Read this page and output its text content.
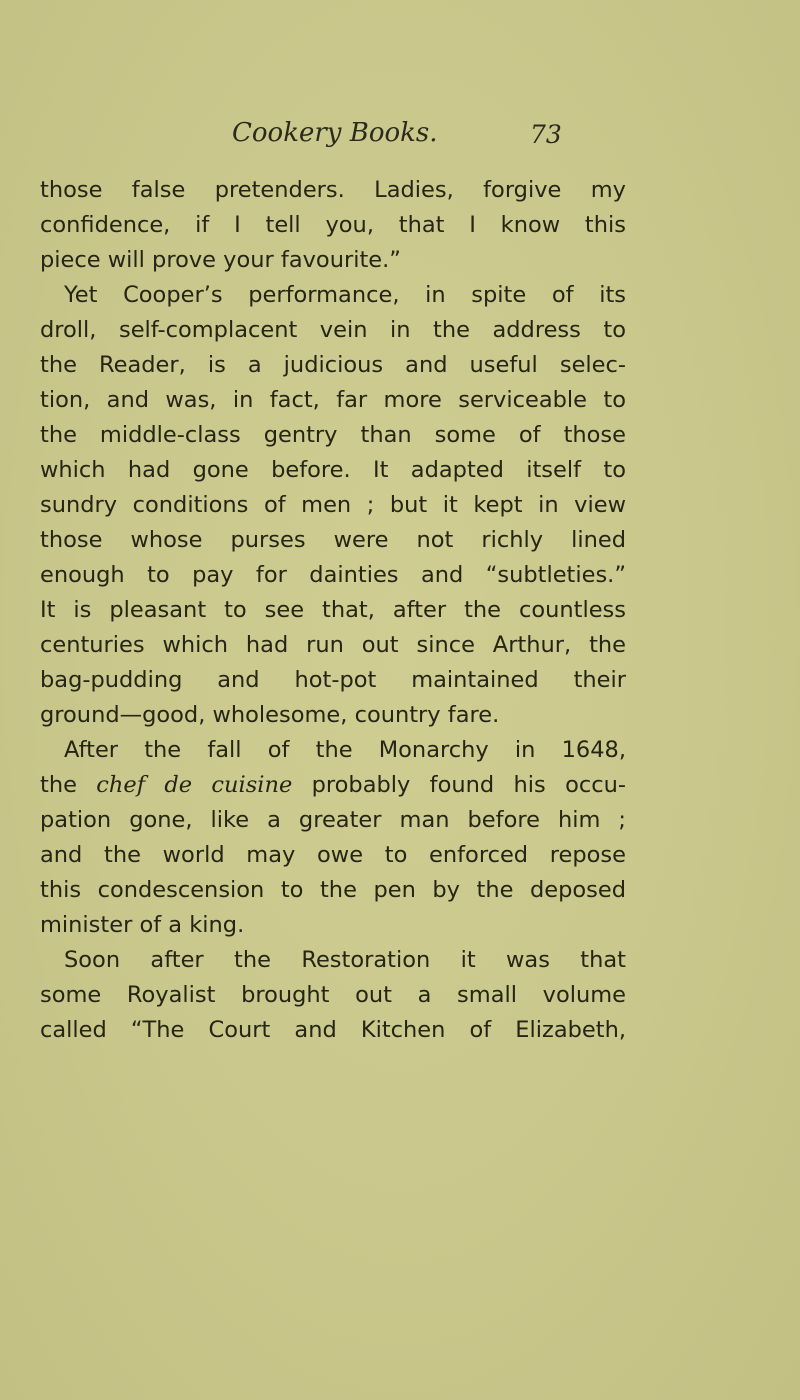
Cookery Books.	73
those false pretenders. Ladies, forgive my
confidence, if I tell you, that I know this
piece will prove your favourite.”
Yet Cooper’s performance, in spite of its
droll, self-complacent vein in the address to
the Reader, is a judicious and useful selec-
tion, and was, in fact, far more serviceable to
the middle-class gentry than some of those
which had gone before. It adapted itself to
sundry conditions of men ; but it kept in view
those whose purses were not richly lined
enough to pay for dainties and “subtleties.”
It is pleasant to see that, after the countless
centuries which had run out since Arthur, the
bag-pudding and hot-pot maintained their
ground—good, wholesome, country fare.
After the fall of the Monarchy in 1648,
the chef de cuisine probably found his occu-
pation gone, like a greater man before him ;
and the world may owe to enforced repose
this condescension to the pen by the deposed
minister of a king.
Soon after the Restoration it was that
some Royalist brought out a small volume
called “The Court and Kitchen of Elizabeth,
